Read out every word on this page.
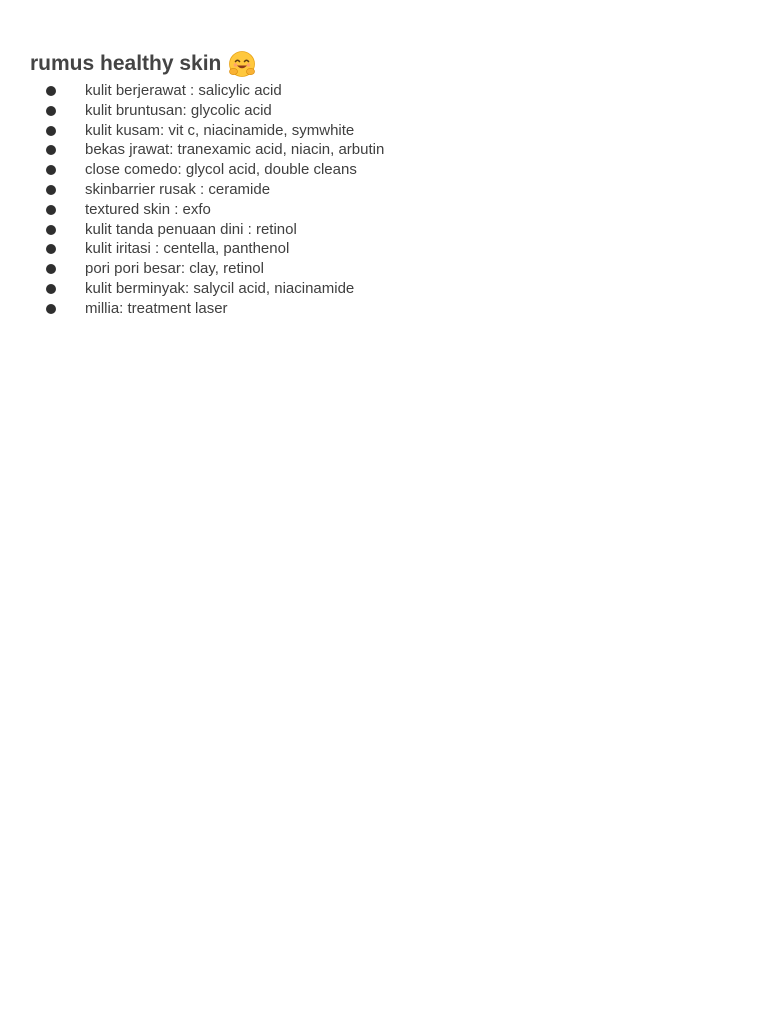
rumus healthy skin
kulit berjerawat : salicylic acid
kulit bruntusan: glycolic acid
kulit kusam: vit c, niacinamide, symwhite
bekas jrawat: tranexamic acid, niacin, arbutin
close comedo: glycol acid, double cleans
skinbarrier rusak : ceramide
textured skin : exfo
kulit tanda penuaan dini : retinol
kulit iritasi : centella, panthenol
pori pori besar: clay, retinol
kulit berminyak: salycil acid, niacinamide
millia: treatment laser
